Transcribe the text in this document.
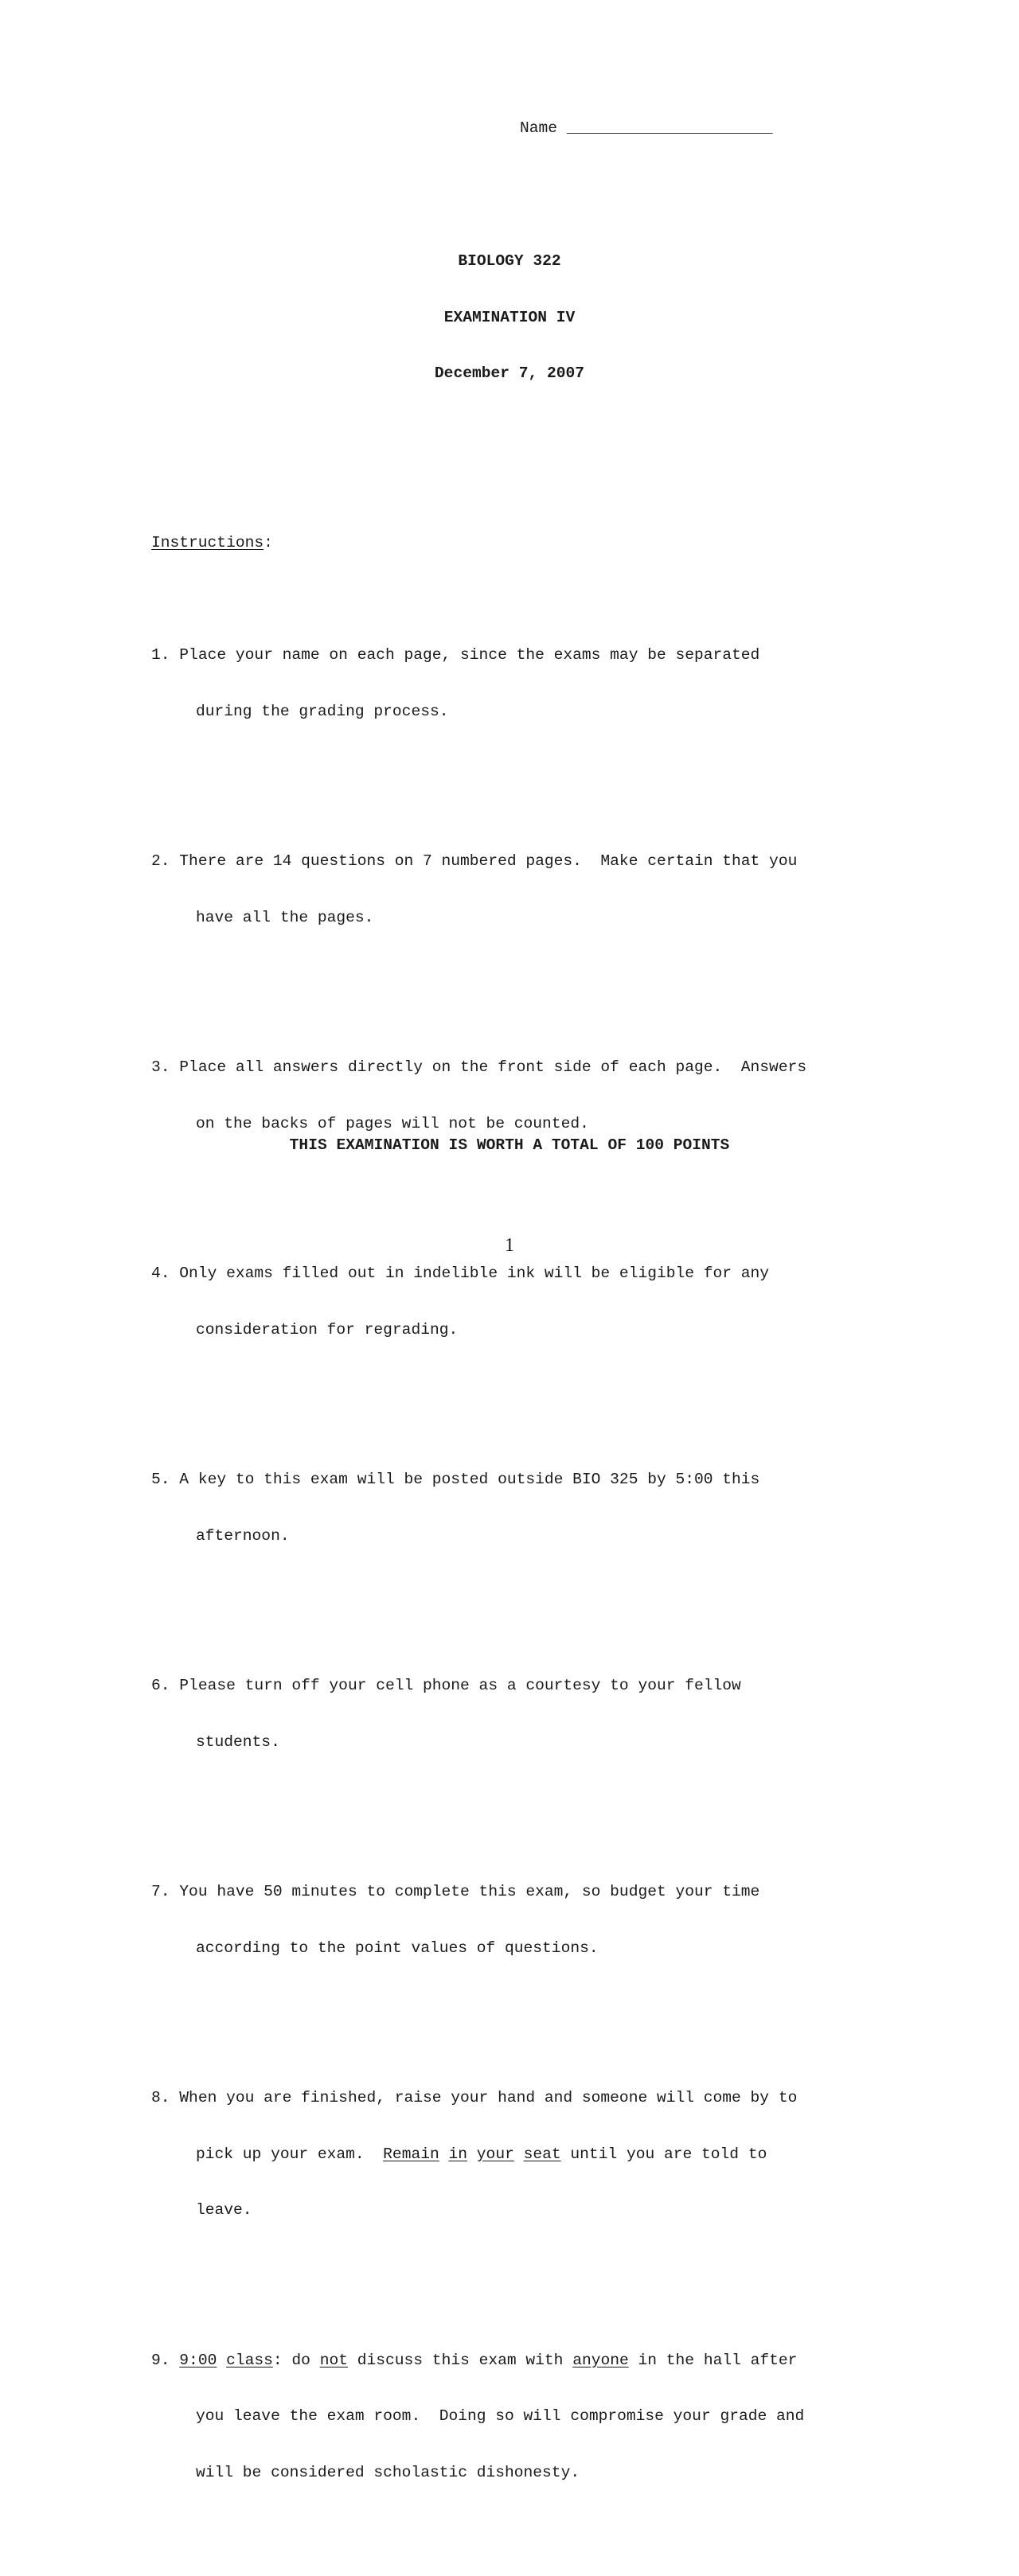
Name ______________________

BIOLOGY 322

EXAMINATION IV

December 7, 2007

Instructions:

1. Place your name on each page, since the exams may be separated

during the grading process.

2. There are 14 questions on 7 numbered pages.  Make certain that you

have all the pages.

3. Place all answers directly on the front side of each page.  Answers

on the backs of pages will not be counted.

4. Only exams filled out in indelible ink will be eligible for any

consideration for regrading.

5. A key to this exam will be posted outside BIO 325 by 5:00 this

afternoon.

6. Please turn off your cell phone as a courtesy to your fellow

students.

7. You have 50 minutes to complete this exam, so budget your time

according to the point values of questions.

8. When you are finished, raise your hand and someone will come by to

pick up your exam.  Remain in your seat until you are told to

leave.

9. 9:00 class: do not discuss this exam with anyone in the hall after

you leave the exam room.  Doing so will compromise your grade and

will be considered scholastic dishonesty.

THIS EXAMINATION IS WORTH A TOTAL OF 100 POINTS
1
